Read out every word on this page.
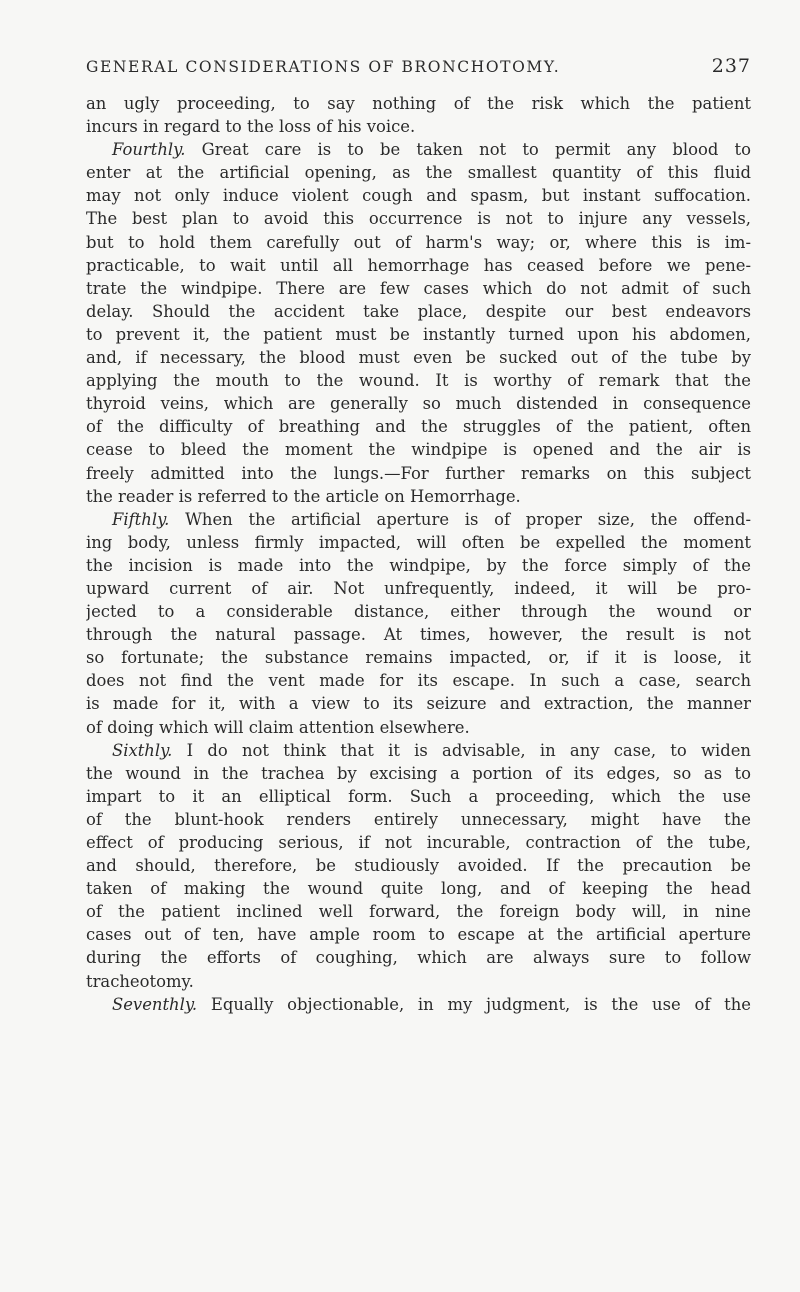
GENERAL CONSIDERATIONS OF BRONCHOTOMY.	237
an ugly proceeding, to say nothing of the risk which the patient
incurs in regard to the loss of his voice.
Fourthly. Great care is to be taken not to permit any blood to
enter at the artificial opening, as the smallest quantity of this fluid
may not only induce violent cough and spasm, but instant suffocation.
The best plan to avoid this occurrence is not to injure any vessels,
but to hold them carefully out of harm's way; or, where this is im-
practicable, to wait until all hemorrhage has ceased before we pene-
trate the windpipe. There are few cases which do not admit of such
delay. Should the accident take place, despite our best endeavors
to prevent it, the patient must be instantly turned upon his abdomen,
and, if necessary, the blood must even be sucked out of the tube by
applying the mouth to the wound. It is worthy of remark that the
thyroid veins, which are generally so much distended in consequence
of the difficulty of breathing and the struggles of the patient, often
cease to bleed the moment the windpipe is opened and the air is
freely admitted into the lungs.—For further remarks on this subject
the reader is referred to the article on Hemorrhage.
Fifthly. When the artificial aperture is of proper size, the offend-
ing body, unless firmly impacted, will often be expelled the moment
the incision is made into the windpipe, by the force simply of the
upward current of air. Not unfrequently, indeed, it will be pro-
jected to a considerable distance, either through the wound or
through the natural passage. At times, however, the result is not
so fortunate; the substance remains impacted, or, if it is loose, it
does not find the vent made for its escape. In such a case, search
is made for it, with a view to its seizure and extraction, the manner
of doing which will claim attention elsewhere.
Sixthly. I do not think that it is advisable, in any case, to widen
the wound in the trachea by excising a portion of its edges, so as to
impart to it an elliptical form. Such a proceeding, which the use
of the blunt-hook renders entirely unnecessary, might have the
effect of producing serious, if not incurable, contraction of the tube,
and should, therefore, be studiously avoided. If the precaution be
taken of making the wound quite long, and of keeping the head
of the patient inclined well forward, the foreign body will, in nine
cases out of ten, have ample room to escape at the artificial aperture
during the efforts of coughing, which are always sure to follow
tracheotomy.
Seventhly. Equally objectionable, in my judgment, is the use of the
